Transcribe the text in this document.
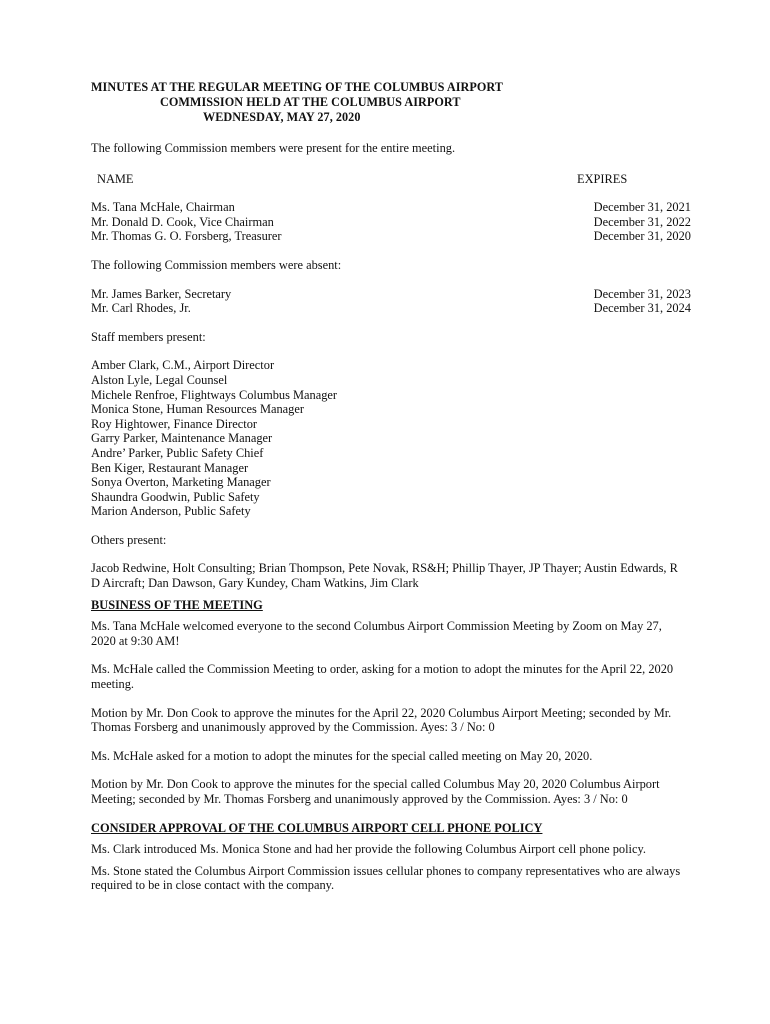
MINUTES AT THE REGULAR MEETING OF THE COLUMBUS AIRPORT
COMMISSION HELD AT THE COLUMBUS AIRPORT
WEDNESDAY, MAY 27, 2020

The following Commission members were present for the entire meeting.

NAME	EXPIRES
Ms. Tana McHale, Chairman	December 31, 2021
Mr. Donald D. Cook, Vice Chairman	December 31, 2022
Mr. Thomas G. O. Forsberg, Treasurer	December 31, 2020

The following Commission members were absent:

Mr. James Barker, Secretary	December 31, 2023
Mr. Carl Rhodes, Jr.	December 31, 2024

Staff members present:

Amber Clark, C.M., Airport Director
Alston Lyle, Legal Counsel
Michele Renfroe, Flightways Columbus Manager
Monica Stone, Human Resources Manager
Roy Hightower, Finance Director
Garry Parker, Maintenance Manager
Andre’ Parker, Public Safety Chief
Ben Kiger, Restaurant Manager
Sonya Overton, Marketing Manager
Shaundra Goodwin, Public Safety
Marion Anderson, Public Safety

Others present:

Jacob Redwine, Holt Consulting; Brian Thompson, Pete Novak, RS&H; Phillip Thayer, JP Thayer; Austin Edwards, R D Aircraft; Dan Dawson, Gary Kundey, Cham Watkins, Jim Clark

BUSINESS OF THE MEETING

Ms. Tana McHale welcomed everyone to the second Columbus Airport Commission Meeting by Zoom on May 27, 2020 at 9:30 AM!

Ms. McHale called the Commission Meeting to order, asking for a motion to adopt the minutes for the April 22, 2020 meeting.

Motion by Mr. Don Cook to approve the minutes for the April 22, 2020 Columbus Airport Meeting; seconded by Mr. Thomas Forsberg and unanimously approved by the Commission. Ayes: 3 / No: 0

Ms. McHale asked for a motion to adopt the minutes for the special called meeting on May 20, 2020.

Motion by Mr. Don Cook to approve the minutes for the special called Columbus May 20, 2020 Columbus Airport Meeting; seconded by Mr. Thomas Forsberg and unanimously approved by the Commission. Ayes: 3 / No: 0

CONSIDER APPROVAL OF THE COLUMBUS AIRPORT CELL PHONE POLICY

Ms. Clark introduced Ms. Monica Stone and had her provide the following Columbus Airport cell phone policy.

Ms. Stone stated the Columbus Airport Commission issues cellular phones to company representatives who are always required to be in close contact with the company.
